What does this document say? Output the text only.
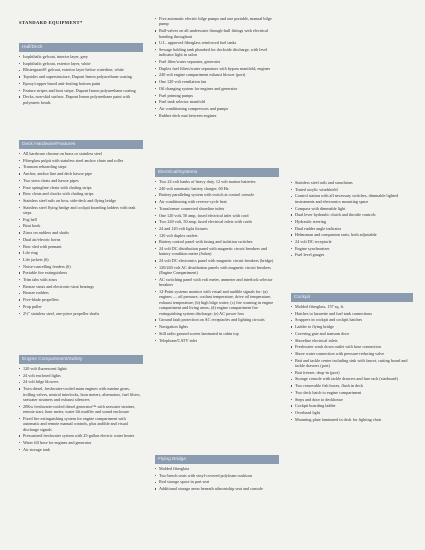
STANDARD EQUIPMENT*
Hull/Deck
Isophthalic gelcoat, interior layer, grey
Isophthalic gelcoat, exterior layer, white
Blisterguard® gelcoat, exterior layer below waterline, white
Topsides and superstructure, Dupont Imron polyurethane coating
Epoxy/copper based anti-fouling bottom paint
Feature stripes and boot stripe, Dupont Imron polyurethane coating
Decks, non-skid surface, Dupont Imron polyurethane paint with polymeric beads
Deck Hardware/Features
All hardware chrome on brass or stainless steel
Fiberglass pulpit with stainless steel anchor chute and roller
Transom reboarding steps
Anchor, anchor line and deck hawse pipe
Two stern cleats and hawse pipes
Four springline cleats with chafing strips
Bow cleats and chocks with chafing strips
Stainless steel rails on bow, side-deck and flying bridge
Stainless steel flying bridge and cockpit boarding ladders with teak steps
Fog bell
Boat hook
Zincs on rudders and shafts
Dual air/electric horns
Bow sled with pennant
Life ring
Life jackets (6)
Noise-cancelling fenders (6)
Portable fire extinguishers
Trim tabs with zincs
Bronze struts and electronic-strut bearings
Bronze rudders
Five-blade propellers
Prop puller
2½" stainless steel, one-piece propeller shafts
Engine Compartment/Safety
120 volt fluorescent lights
24 volt enclosed lights
24 volt bilge blowers
Twin diesel, freshwater-cooled main engines with marine gears, trolling valves, neutral interlocks, hour meters, alternators, fuel filters, seawater strainers and exhaust silencers
20Kw freshwater-cooled diesel generator™ with seawater strainer, remote start, hour meter, water lift muffler and sound enclosure
Fixed fire extinguishing system for engine compartment with automatic and remote manual controls, plus audible and visual discharge signals
Pressurized freshwater system with 25-gallon electric water heater
Water fill hose for engines and generator
Air storage tank
Five automatic electric bilge pumps and one portable, manual bilge pump
Ball-valves on all underwater through-hull fittings with electrical bonding throughout
U.L. approved fiberglass reinforced fuel tanks
Sewage holding tank plumbed for dockside discharge, with level indicator light in salon
Fuel filter/water separator, generator
Duplex fuel filters/water separators with bypass manifold, engines
240 volt engine compartment exhaust blower (port)
One 120 volt ventilation fan
Oil changing system for engines and generator
Fuel priming pumps
Fuel tank selector manifold
Air conditioning compressors and pumps
Rubber deck mat between engines
Electrical/Systems
Two 24 volt banks of heavy duty, 12 volt marine batteries
240 volt automatic battery charger, 60 Hz
Battery paralleling system with switch at control console
Air conditioning with reverse-cycle heat
Transformer connected shoreline inlets
One 120 volt, 50 amp, fused electrical inlet with cord
Two 240 volt, 50 amp, fused electrical inlets with cords
24 and 120 volt light fixtures
120 volt duplex outlets
Battery control panel with fusing and isolation switches
24 volt DC distribution panel with magnetic circuit breakers and battery condition meter (Salon)
24 volt DC electronics panel with magnetic circuit breakers (bridge)
120/240 volt AC distribution panels with magnetic circuit breakers (Engine Compartment)
AC switching panel with volt meter, ammeter and interlock selector breakers
12-Point systems monitor with visual and audible signals for: (a) engines — oil pressure, coolant temperature, drive oil temperature, exhaust temperature; (b) high bilge water; (c) fire warning in engine compartment and living areas; (d) engine compartment fire extinguishing system discharge; (e) AC power loss
Ground fault protection on AC receptacles and lighting circuits
Navigation lights
Still radio ground screen laminated in cabin top
Telephone/CATV inlet
Flying Bridge
Molded fiberglass
Two bench seats with vinyl-covered polyfoam cushions
Rod storage space in port seat
Additional storage areas beneath athwartship seat and console
Stainless steel rails and stanchions
Tinted acrylic windshield
Control station with all necessary switches, dimmable lighted instruments and electronics mounting space
Compass with dimmable light
Dual lever hydraulic clutch and throttle controls
Hydraulic steering
Dual rudder angle indicator
Helmsman and companion seats, both adjustable
24 volt DC receptacle
Engine synchronizer
Fuel level gauges
Cockpit
Molded fiberglass, 157 sq. ft.
Hatches to lazarette and fuel tank connections
Scuppers in cockpit and cockpit hatches
Ladder to flying bridge
Covering gate and transom door
Shoreline electrical inlets
Freshwater wash down outlet with hose connection
Shore water connection with pressure-reducing valve
Bait and tackle center including sink with faucet, cutting board and tackle drawers (port)
Bait freezer, drop-in (port)
Storage console with tackle drawers and lure rack (starboard)
Two removable fish boxes, flush in deck
Two deck hatch to engine compartment
Steps and door to deckhouse
Cockpit boarding ladder
Overhead light
Mounting plate laminated in deck for fighting chair
